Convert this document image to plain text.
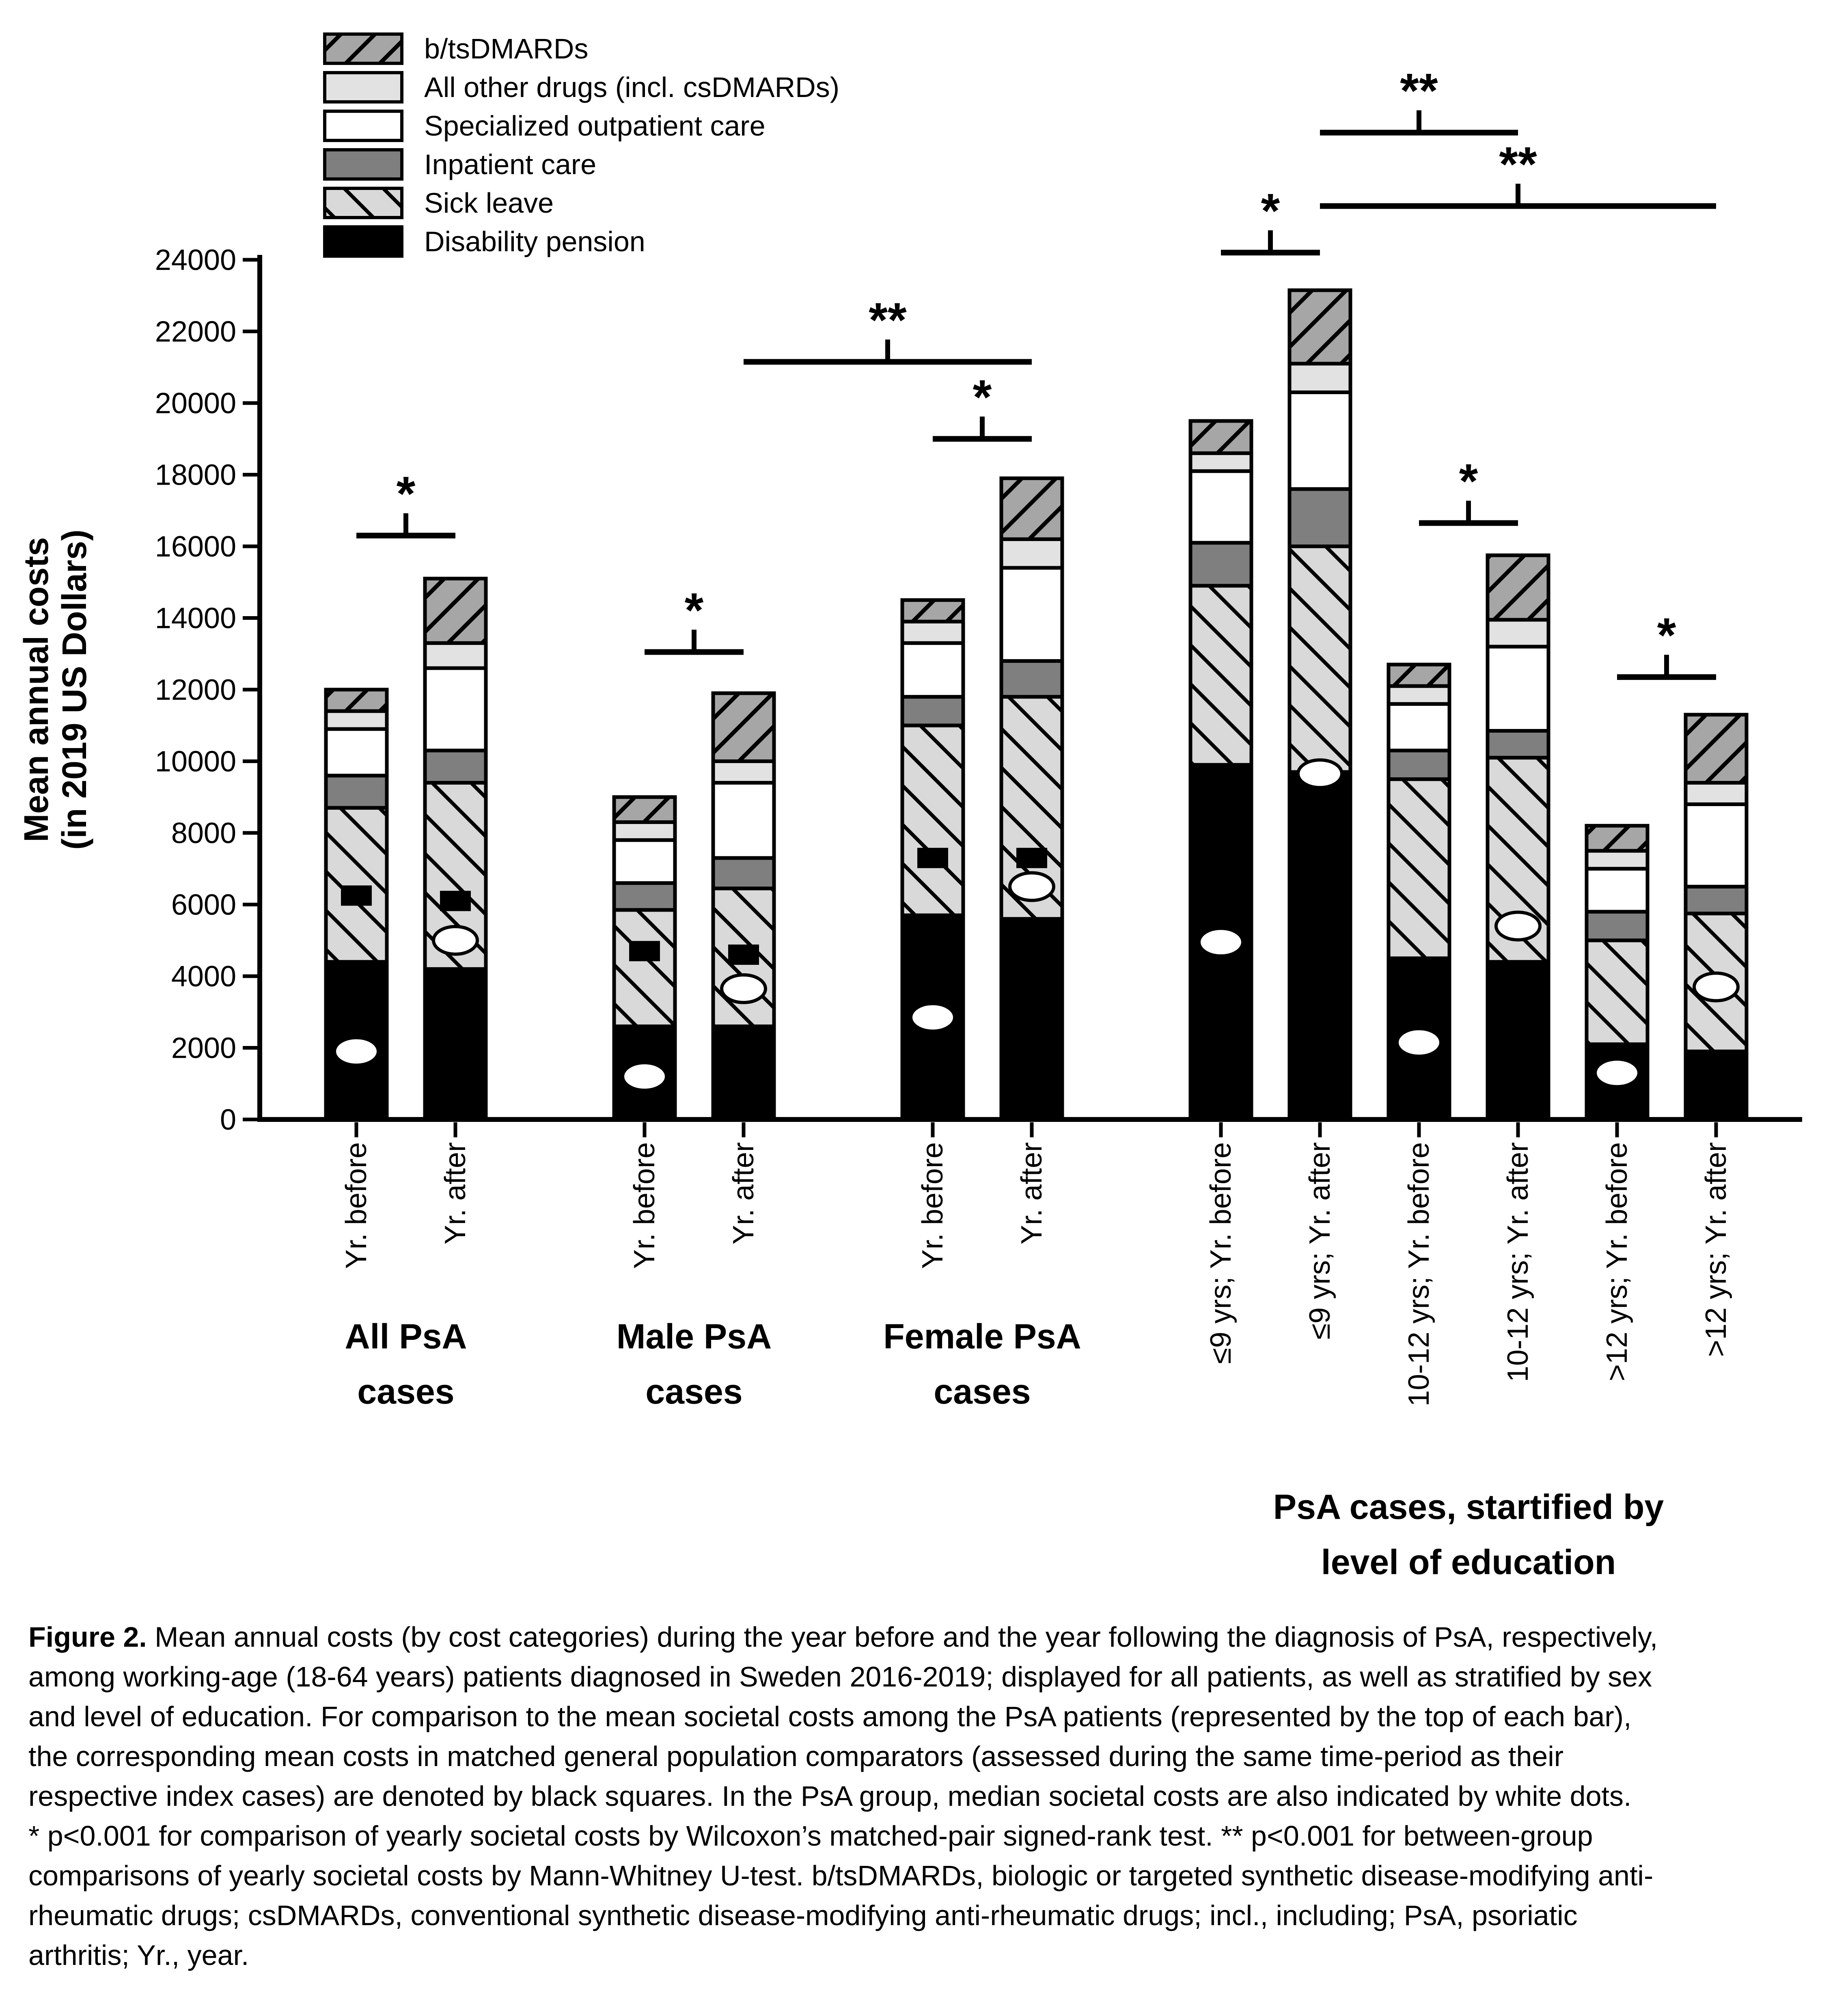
0
2000
4000
6000
8000
10000
12000
14000
16000
18000
20000
22000
24000
Mean annual costs (in 2019 US Dollars)
Yr. before Yr. after
All PsA
cases
Yr. before Yr. after
Male PsA
cases
Yr. before Yr. after
Female PsA
cases
≤9 yrs; Yr. before ≤9 yrs; Yr. after 10-12 yrs; Yr. before 10-12 yrs; Yr. after >12 yrs; Yr. before >12 yrs; Yr. after
PsA cases, startified by
level of education
*
*
*
**
*
**
**
*
*
b/tsDMARDs
All other drugs (incl. csDMARDs)
Specialized outpatient care
Inpatient care
Sick leave
Disability pension
Figure 2. Mean annual costs (by cost categories) during the year before and the year following the diagnosis of PsA, respectively,
among working-age (18-64 years) patients diagnosed in Sweden 2016-2019; displayed for all patients, as well as stratified by sex
and level of education. For comparison to the mean societal costs among the PsA patients (represented by the top of each bar),
the corresponding mean costs in matched general population comparators (assessed during the same time-period as their
respective index cases) are denoted by black squares. In the PsA group, median societal costs are also indicated by white dots.
* p<0.001 for comparison of yearly societal costs by Wilcoxon’s matched-pair signed-rank test. ** p<0.001 for between-group
comparisons of yearly societal costs by Mann-Whitney U-test. b/tsDMARDs, biologic or targeted synthetic disease-modifying anti-
rheumatic drugs; csDMARDs, conventional synthetic disease-modifying anti-rheumatic drugs; incl., including; PsA, psoriatic
arthritis; Yr., year.
